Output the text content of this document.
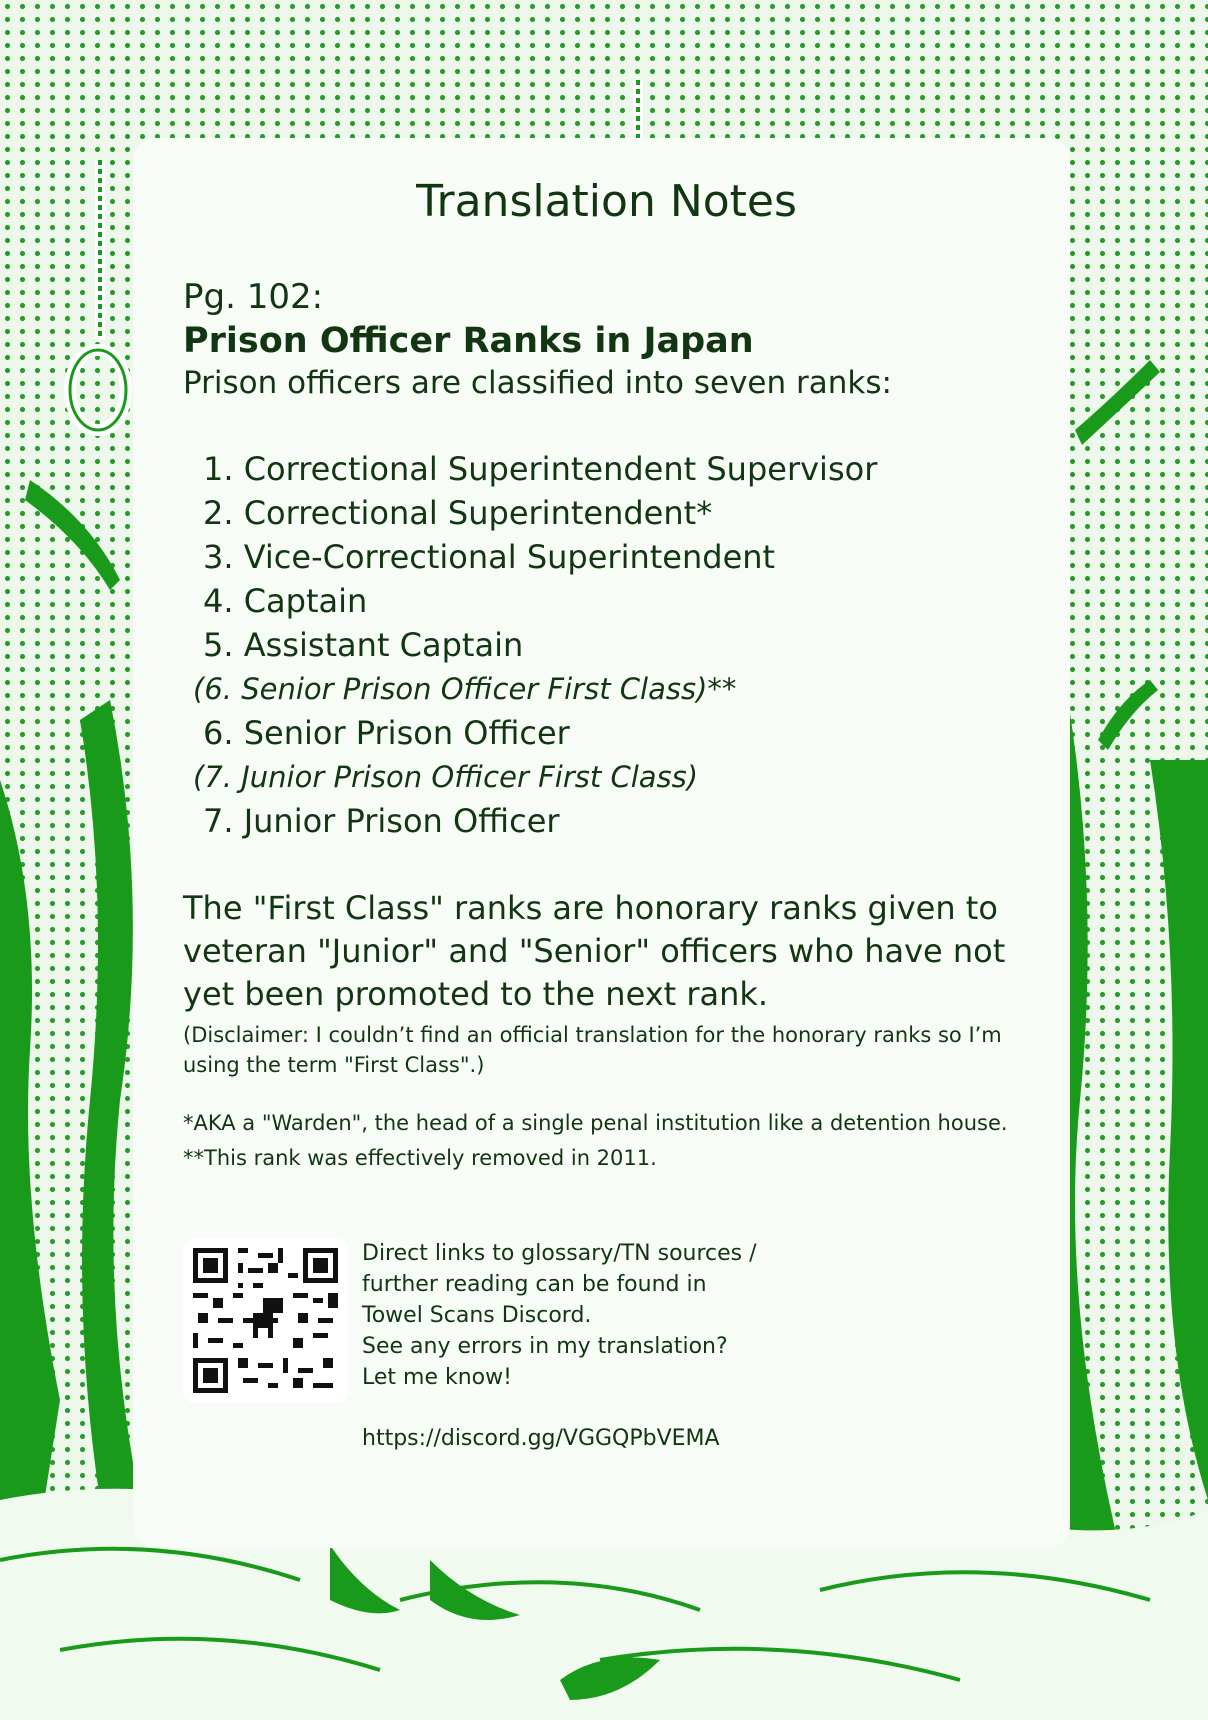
Translation Notes

Pg. 102:

Prison Officer Ranks in Japan

Prison officers are classified into seven ranks:

1. Correctional Superintendent Supervisor
2. Correctional Superintendent*
3. Vice-Correctional Superintendent
4. Captain
5. Assistant Captain
(6. Senior Prison Officer First Class)**
6. Senior Prison Officer
(7. Junior Prison Officer First Class)
7. Junior Prison Officer

The "First Class" ranks are honorary ranks given to veteran "Junior" and "Senior" officers who have not yet been promoted to the next rank.

(Disclaimer: I couldn’t find an official translation for the honorary ranks so I’m using the term "First Class".)

*AKA a "Warden", the head of a single penal institution like a detention house.

**This rank was effectively removed in 2011.

Direct links to glossary/TN sources /

further reading can be found in

Towel Scans Discord.

See any errors in my translation?

Let me know!

https://discord.gg/VGGQPbVEMA
